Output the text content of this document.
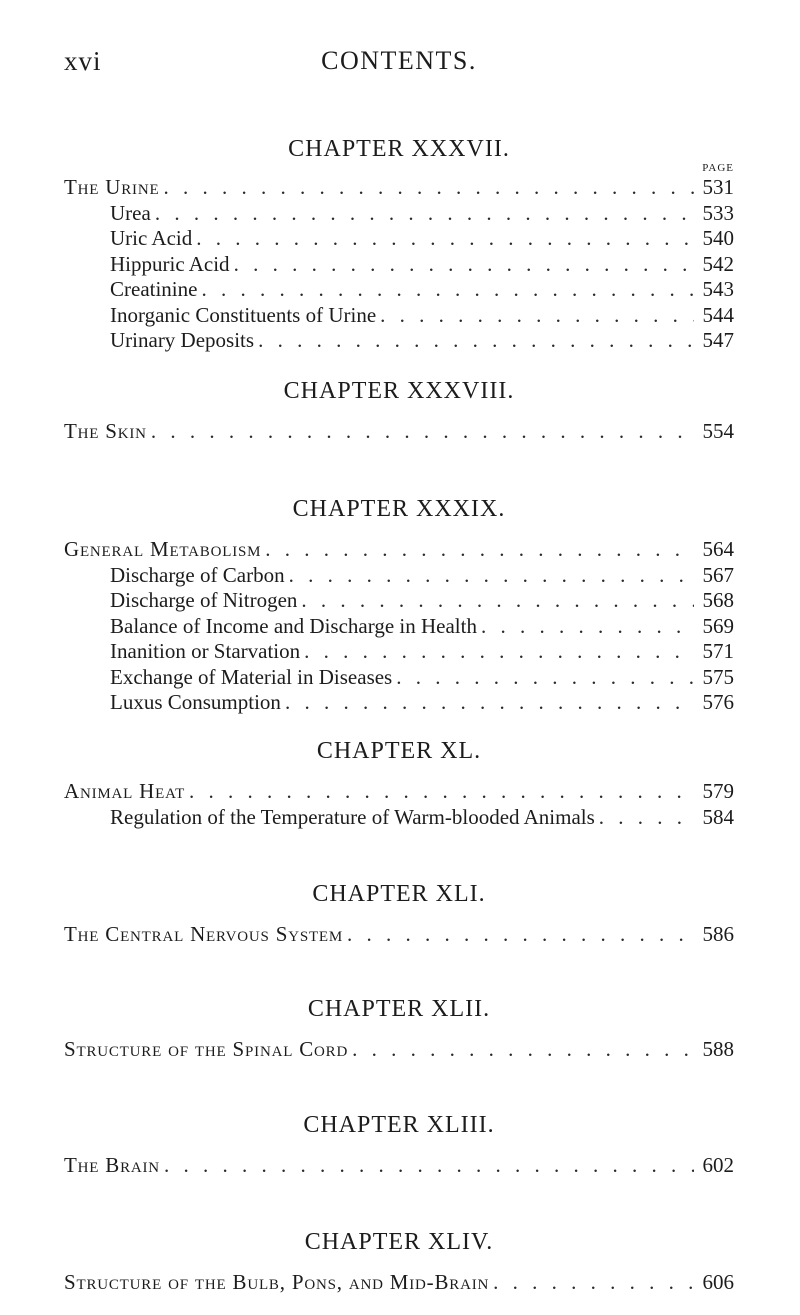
xvi	CONTENTS.
CHAPTER XXXVII.
PAGE
The Urine . . .	531
Urea . . .	533
Uric Acid . . .	540
Hippuric Acid . . .	542
Creatinine . . .	543
Inorganic Constituents of Urine . . .	544
Urinary Deposits . . .	547
CHAPTER XXXVIII.
The Skin . . .	554
CHAPTER XXXIX.
General Metabolism . . .	564
Discharge of Carbon . . .	567
Discharge of Nitrogen . . .	568
Balance of Income and Discharge in Health . . .	569
Inanition or Starvation . . .	571
Exchange of Material in Diseases . . .	575
Luxus Consumption . . .	576
CHAPTER XL.
Animal Heat . . .	579
Regulation of the Temperature of Warm-blooded Animals . . .	584
CHAPTER XLI.
The Central Nervous System . . .	586
CHAPTER XLII.
Structure of the Spinal Cord . . .	588
CHAPTER XLIII.
The Brain . . .	602
CHAPTER XLIV.
Structure of the Bulb, Pons, and Mid-Brain . . .	606
